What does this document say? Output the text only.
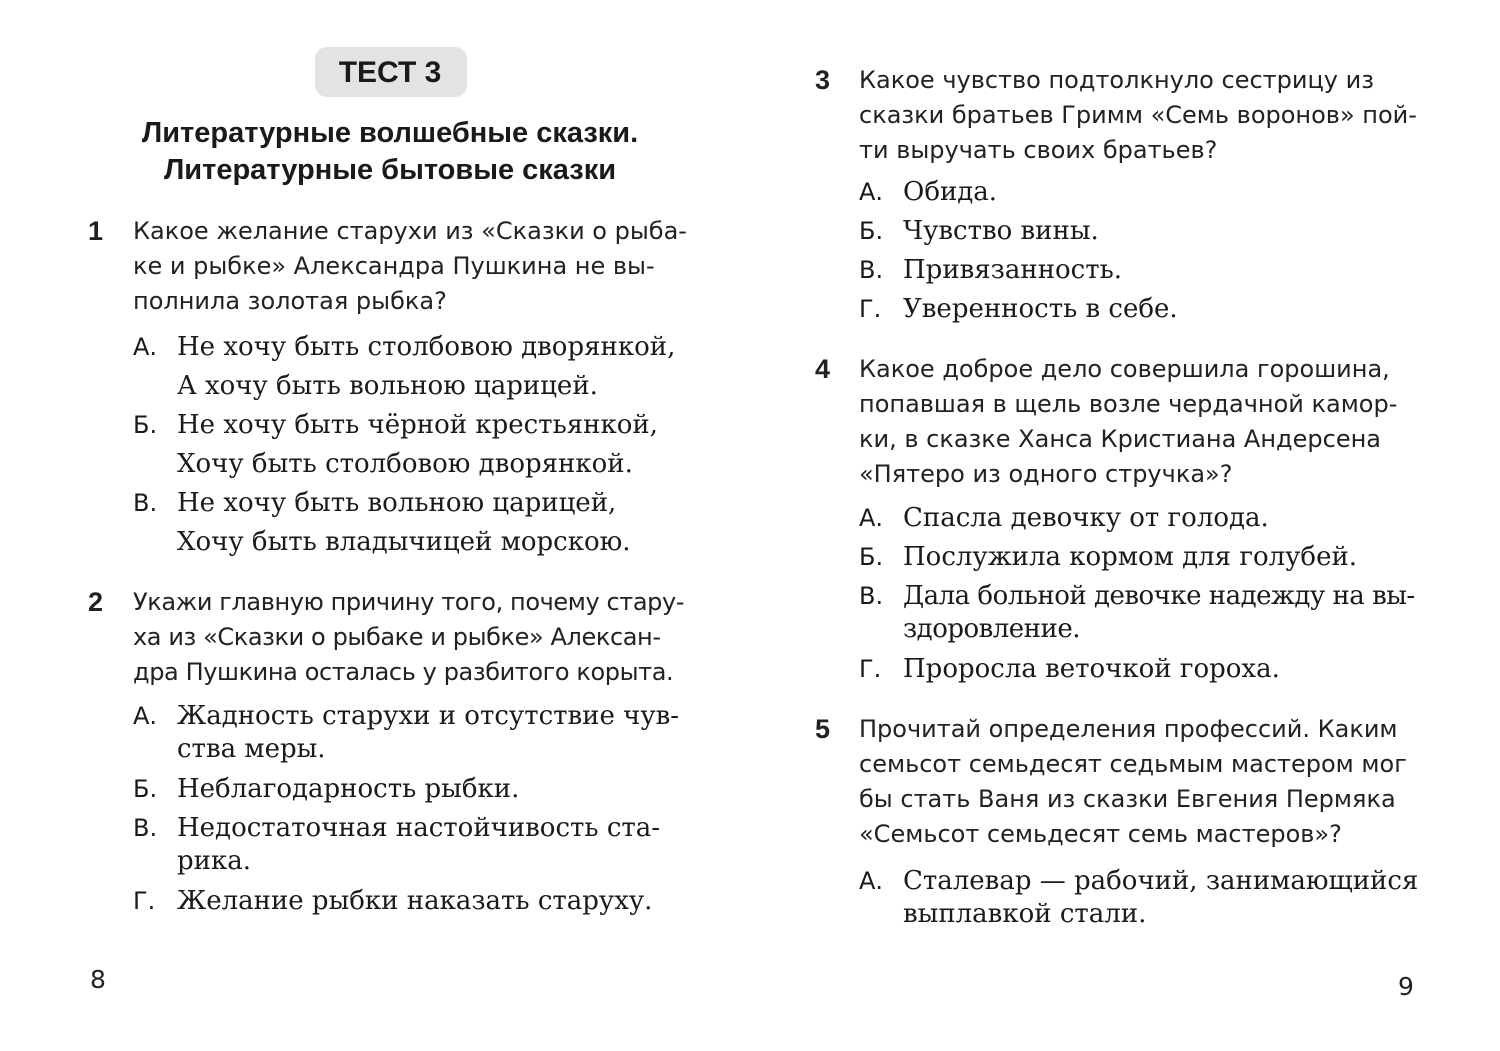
ТЕСТ 3
Литературные волшебные сказки.
Литературные бытовые сказки
1	Какое желание старухи из «Сказки о рыба-
ке и рыбке» Александра Пушкина не вы-
полнила золотая рыбка?
А. Не хочу быть столбовою дворянкой,
А хочу быть вольною царицей.
Б. Не хочу быть чёрной крестьянкой,
Хочу быть столбовою дворянкой.
В. Не хочу быть вольною царицей,
Хочу быть владычицей морскою.
2	Укажи главную причину того, почему стару-
ха из «Сказки о рыбаке и рыбке» Алексан-
дра Пушкина осталась у разбитого корыта.
А. Жадность старухи и отсутствие чув-
ства меры.
Б. Неблагодарность рыбки.
В. Недостаточная настойчивость ста-
рика.
Г. Желание рыбки наказать старуху.
8
3	Какое чувство подтолкнуло сестрицу из
сказки братьев Гримм «Семь воронов» пой-
ти выручать своих братьев?
А. Обида.
Б. Чувство вины.
В. Привязанность.
Г. Уверенность в себе.
4	Какое доброе дело совершила горошина,
попавшая в щель возле чердачной камор-
ки, в сказке Ханса Кристиана Андерсена
«Пятеро из одного стручка»?
А. Спасла девочку от голода.
Б. Послужила кормом для голубей.
В. Дала больной девочке надежду на вы-
здоровление.
Г. Проросла веточкой гороха.
5	Прочитай определения профессий. Каким
семьсот семьдесят седьмым мастером мог
бы стать Ваня из сказки Евгения Пермяка
«Семьсот семьдесят семь мастеров»?
А. Сталевар — рабочий, занимающийся
выплавкой стали.
9
